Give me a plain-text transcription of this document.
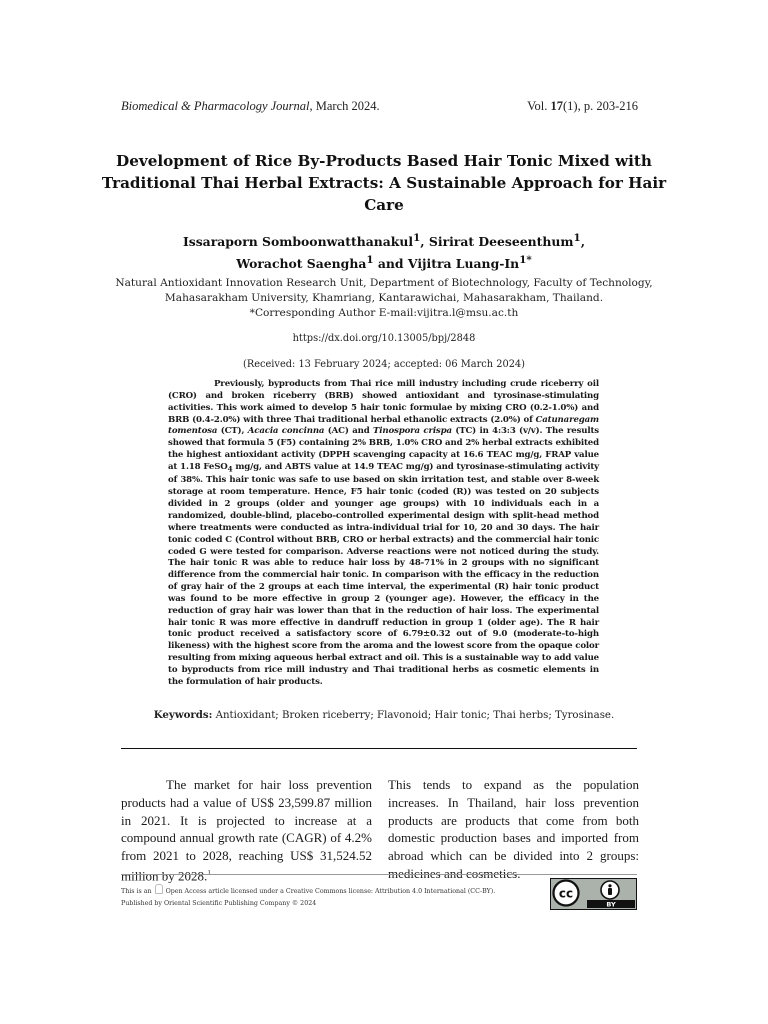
Biomedical & Pharmacology Journal, March 2024.	Vol. 17(1), p. 203-216
Development of Rice By-Products Based Hair Tonic Mixed with Traditional Thai Herbal Extracts: A Sustainable Approach for Hair Care
Issaraporn Somboonwatthanakul$^1$, Sirirat Deeseenthum$^1$,
Worachot Saengha$^1$ and Vijitra Luang-$In^{1*}$
Natural Antioxidant Innovation Research Unit, Department of Biotechnology, Faculty of Technology,
Mahasarakham University, Khamriang, Kantarawichai, Mahasarakham, Thailand.
*Corresponding Author E-mail:vijitra.l@msu.ac.th
https://dx.doi.org/10.13005/bpj/2848
(Received: 13 February 2024; accepted: 06 March 2024)

Previously, byproducts from Thai rice mill industry including crude riceberry oil (CRO) and broken riceberry (BRB) showed antioxidant and tyrosinase-stimulating activities. This work aimed to develop 5 hair tonic formulae by mixing CRO (0.2-1.0%) and BRB (0.4-2.0%) with three Thai traditional herbal ethanolic extracts (2.0%) of Catunaregam tomentosa (CT), Acacia concinna (AC) and Tinospora crispa (TC) in 4:3:3 (v/v). The results showed that formula 5 (F5) containing 2% BRB, 1.0% CRO and 2% herbal extracts exhibited the highest antioxidant activity (DPPH scavenging capacity at 16.6 TEAC mg/g, FRAP value at 1.18 FeSO$_4$ mg/g, and ABTS value at 14.9 TEAC mg/g) and tyrosinase-stimulating activity of 38%. This hair tonic was safe to use based on skin irritation test, and stable over 8-week storage at room temperature. Hence, F5 hair tonic (coded (R)) was tested on 20 subjects divided in 2 groups (older and younger age groups) with 10 individuals each in a randomized, double-blind, placebo-controlled experimental design with split-head method where treatments were conducted as intra-individual trial for 10, 20 and 30 days. The hair tonic coded C (Control without BRB, CRO or herbal extracts) and the commercial hair tonic coded G were tested for comparison. Adverse reactions were not noticed during the study. The hair tonic R was able to reduce hair loss by 48-71% in 2 groups with no significant difference from the commercial hair tonic. In comparison with the efficacy in the reduction of gray hair of the 2 groups at each time interval, the experimental (R) hair tonic product was found to be more effective in group 2 (younger age). However, the efficacy in the reduction of gray hair was lower than that in the reduction of hair loss. The experimental hair tonic R was more effective in dandruff reduction in group 1 (older age). The R hair tonic product received a satisfactory score of 6.79±0.32 out of 9.0 (moderate-to-high likeness) with the highest score from the aroma and the lowest score from the opaque color resulting from mixing aqueous herbal extract and oil. This is a sustainable way to add value to byproducts from rice mill industry and Thai traditional herbs as cosmetic elements in the formulation of hair products.

Keywords: Antioxidant; Broken riceberry; Flavonoid; Hair tonic; Thai herbs; Tyrosinase.

The market for hair loss prevention products had a value of US$ 23,599.87 million in 2021. It is projected to increase at a compound annual growth rate (CAGR) of 4.2% from 2021 to 2028, reaching US$ 31,524.52 million by 2028.$^1$

This tends to expand as the population increases. In Thailand, hair loss prevention products are products that come from both domestic production bases and imported from abroad which can be divided into 2 groups: medicines and cosmetics.

This is an Open Access article licensed under a Creative Commons license: Attribution 4.0 International (CC-BY).
Published by Oriental Scientific Publishing Company © 2024
cc
BY
